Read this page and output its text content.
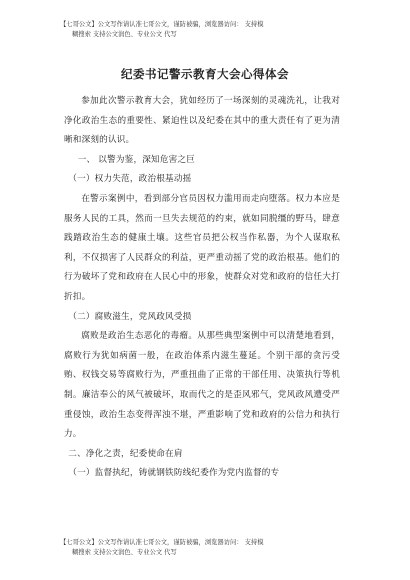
【七哥公文】公文写作请认准七哥公文，谨防被骗，浏览器访问： 支持模
糊搜索 支持公文润色、专业公文 代写
纪委书记警示教育大会心得体会

参加此次警示教育大会，犹如经历了一场深刻的灵魂洗礼，让我对净化政治生态的重要性、紧迫性以及纪委在其中的重大责任有了更为清晰和深刻的认识。

一、 以警为鉴，深知危害之巨

（一）权力失范，政治根基动摇

在警示案例中，看到部分官员因权力滥用而走向堕落。权力本应是服务人民的工具，然而一旦失去规范的约束，就如同脱缰的野马，肆意践踏政治生态的健康土壤。这些官员把公权当作私器，为个人谋取私利，不仅损害了人民群众的利益，更严重动摇了党的政治根基。他们的行为破坏了党和政府在人民心中的形象，使群众对党和政府的信任大打折扣。

（二）腐败滋生，党风政风受损

腐败是政治生态恶化的毒瘤。从那些典型案例中可以清楚地看到，腐败行为犹如病菌一般，在政治体系内滋生蔓延。个别干部的贪污受贿、权钱交易等腐败行为，严重扭曲了正常的干部任用、决策执行等机制。廉洁奉公的风气被破坏，取而代之的是歪风邪气，党风政风遭受严重侵蚀，政治生态变得浑浊不堪，严重影响了党和政府的公信力和执行力。

二、净化之责，纪委使命在肩

（一）监督执纪，铸就钢铁防线纪委作为党内监督的专

【七哥公文】公文写作请认准七哥公文，谨防被骗，浏览器访问： 支持模
糊搜索 支持公文润色、专业公文 代写
